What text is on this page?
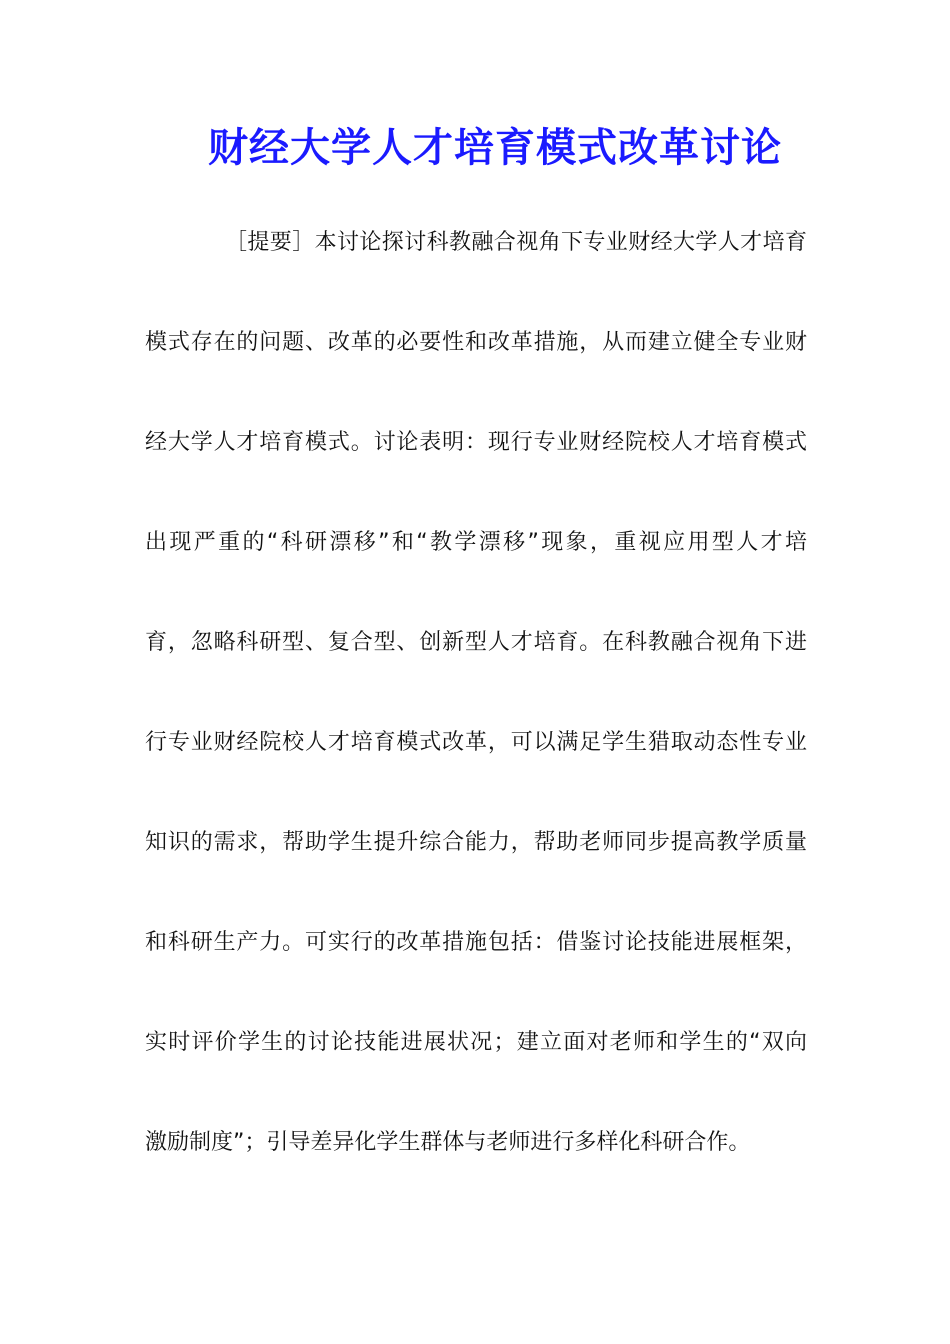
财经大学人才培育模式改革讨论
［提要］本讨论探讨科教融合视角下专业财经大学人才培育
模式存在的问题、改革的必要性和改革措施，从而建立健全专业财
经大学人才培育模式。讨论表明：现行专业财经院校人才培育模式
出现严重的“科研漂移”和“教学漂移”现象，重视应用型人才培
育，忽略科研型、复合型、创新型人才培育。在科教融合视角下进
行专业财经院校人才培育模式改革，可以满足学生猎取动态性专业
知识的需求，帮助学生提升综合能力，帮助老师同步提高教学质量
和科研生产力。可实行的改革措施包括：借鉴讨论技能进展框架，
实时评价学生的讨论技能进展状况；建立面对老师和学生的“双向
激励制度”；引导差异化学生群体与老师进行多样化科研合作。
